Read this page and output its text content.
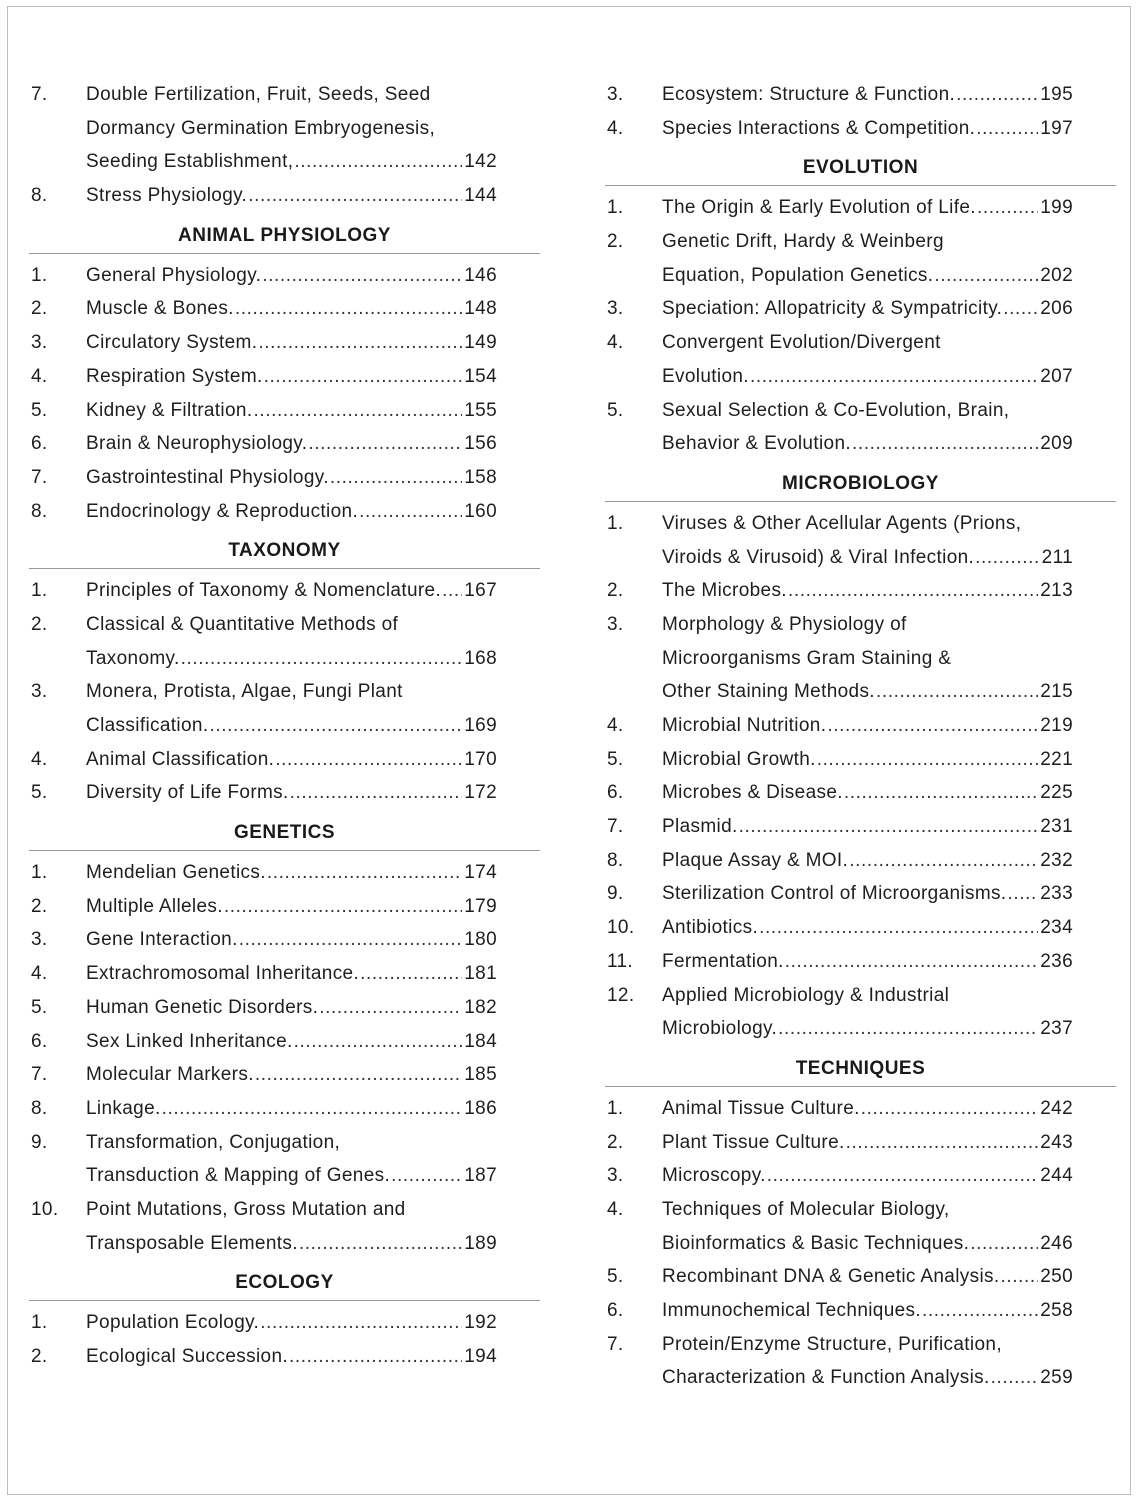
7. Double Fertilization, Fruit, Seeds, Seed
Dormancy Germination Embryogenesis,
Seeding Establishment, .....	142
8. Stress Physiology. .....	144
ANIMAL PHYSIOLOGY
1. General Physiology. .....	146
2. Muscle & Bones. .....	148
3. Circulatory System. .....	149
4. Respiration System. .....	154
5. Kidney & Filtration. .....	155
6. Brain & Neurophysiology. .....	156
7. Gastrointestinal Physiology. .....	158
8. Endocrinology & Reproduction. .....	160
TAXONOMY
1. Principles of Taxonomy & Nomenclature. ..... 167
2. Classical & Quantitative Methods of
Taxonomy. .....	168
3. Monera, Protista, Algae, Fungi Plant
Classification. .....	169
4. Animal Classification. .....	170
5. Diversity of Life Forms. .....	172
GENETICS
1. Mendelian Genetics. .....	174
2. Multiple Alleles. .....	179
3. Gene Interaction. .....	180
4. Extrachromosomal Inheritance. .....	181
5. Human Genetic Disorders. .....	182
6. Sex Linked Inheritance. .....	184
7. Molecular Markers. .....	185
8. Linkage. .....	186
9. Transformation, Conjugation,
Transduction & Mapping of Genes. .....	187
10. Point Mutations, Gross Mutation and
Transposable Elements. .....	189
ECOLOGY
1. Population Ecology. .....	192
2. Ecological Succession. .....	194
3. Ecosystem: Structure & Function. .....	195
4. Species Interactions & Competition. .....	197
EVOLUTION
1. The Origin & Early Evolution of Life. .....	199
2. Genetic Drift, Hardy & Weinberg
Equation, Population Genetics. .....	202
3. Speciation: Allopatricity & Sympatricity. ..... 206
4. Convergent Evolution/Divergent
Evolution. .....	207
5. Sexual Selection & Co-Evolution, Brain,
Behavior & Evolution. .....	209
MICROBIOLOGY
1. Viruses & Other Acellular Agents (Prions,
Viroids & Virusoid) & Viral Infection. .....	211
2. The Microbes. .....	213
3. Morphology & Physiology of
Microorganisms Gram Staining &
Other Staining Methods. .....	215
4. Microbial Nutrition. .....	219
5. Microbial Growth. .....	221
6. Microbes & Disease. .....	225
7. Plasmid. .....	231
8. Plaque Assay & MOI. .....	232
9. Sterilization Control of Microorganisms. ..... 233
10. Antibiotics. .....	234
11. Fermentation. .....	236
12. Applied Microbiology & Industrial
Microbiology. .....	237
TECHNIQUES
1. Animal Tissue Culture. .....	242
2. Plant Tissue Culture. .....	243
3. Microscopy. .....	244
4. Techniques of Molecular Biology,
Bioinformatics & Basic Techniques. .....	246
5. Recombinant DNA & Genetic Analysis. ..... 250
6. Immunochemical Techniques. .....	258
7. Protein/Enzyme Structure, Purification,
Characterization & Function Analysis. .....	259
